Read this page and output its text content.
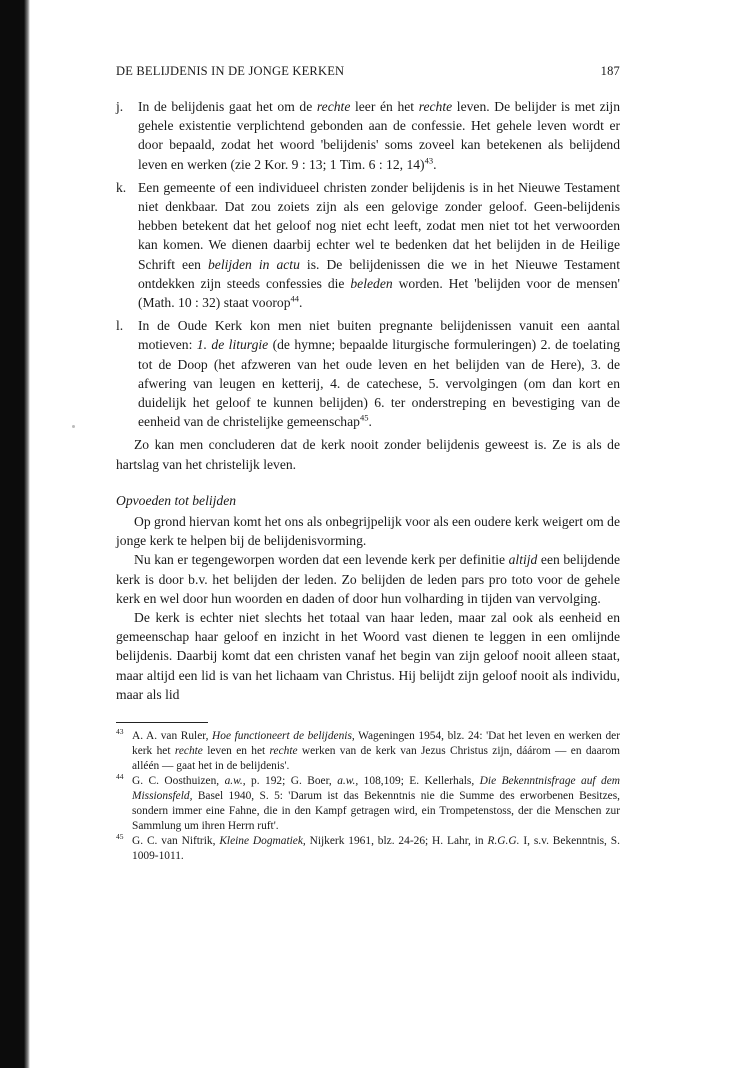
DE BELIJDENIS IN DE JONGE KERKEN	187
j.	In de belijdenis gaat het om de rechte leer én het rechte leven. De belijder is met zijn gehele existentie verplichtend gebonden aan de confessie. Het gehele leven wordt er door bepaald, zodat het woord 'belijdenis' soms zoveel kan betekenen als belijdend leven en werken (zie 2 Kor. 9 : 13; 1 Tim. 6 : 12, 14)$^{43}$.
k. Een gemeente of een individueel christen zonder belijdenis is in het Nieuwe Testament niet denkbaar. Dat zou zoiets zijn als een gelovige zonder geloof. Geen-belijdenis hebben betekent dat het geloof nog niet echt leeft, zodat men niet tot het verwoorden kan komen. We dienen daarbij echter wel te bedenken dat het belijden in de Heilige Schrift een belijden in actu is. De belijdenissen die we in het Nieuwe Testament ontdekken zijn steeds confessies die beleden worden. Het 'belijden voor de mensen' (Math. 10 : 32) staat voorop$^{44}$.
l.	In de Oude Kerk kon men niet buiten pregnante belijdenissen vanuit een aantal motieven: 1. de liturgie (de hymne; bepaalde liturgische formuleringen) 2. de toelating tot de Doop (het afzweren van het oude leven en het belijden van de Here), 3. de afwering van leugen en ketterij, 4. de catechese, 5. vervolgingen (om dan kort en duidelijk het geloof te kunnen belijden) 6. ter onderstreping en bevestiging van de eenheid van de christelijke gemeenschap$^{45}$.

Zo kan men concluderen dat de kerk nooit zonder belijdenis geweest is. Ze is als de hartslag van het christelijk leven.

Opvoeden tot belijden

Op grond hiervan komt het ons als onbegrijpelijk voor als een oudere kerk weigert om de jonge kerk te helpen bij de belijdenisvorming.

Nu kan er tegengeworpen worden dat een levende kerk per definitie altijd een belijdende kerk is door b.v. het belijden der leden. Zo belijden de leden pars pro toto voor de gehele kerk en wel door hun woorden en daden of door hun volharding in tijden van vervolging.

De kerk is echter niet slechts het totaal van haar leden, maar zal ook als eenheid en gemeenschap haar geloof en inzicht in het Woord vast dienen te leggen in een omlijnde belijdenis. Daarbij komt dat een christen vanaf het begin van zijn geloof nooit alleen staat, maar altijd een lid is van het lichaam van Christus. Hij belijdt zijn geloof nooit als individu, maar als lid

$^{43}$ A. A. van Ruler, Hoe functioneert de belijdenis, Wageningen 1954, blz. 24: 'Dat het leven en werken der kerk het rechte leven en het rechte werken van de kerk van Jezus Christus zijn, dáárom — en daarom alléén — gaat het in de belijdenis'.
$^{44}$ G. C. Oosthuizen, a.w., p. 192; G. Boer, a.w., 108,109; E. Kellerhals, Die Bekenntnisfrage auf dem Missionsfeld, Basel 1940, S. 5: 'Darum ist das Bekenntnis nie die Summe des erworbenen Besitzes, sondern immer eine Fahne, die in den Kampf getragen wird, ein Trompetenstoss, der die Menschen zur Sammlung um ihren Herrn ruft'.
$^{45}$ G. C. van Niftrik, Kleine Dogmatiek, Nijkerk 1961, blz. 24-26; H. Lahr, in R.G.G. I, s.v. Bekenntnis, S. 1009-1011.
